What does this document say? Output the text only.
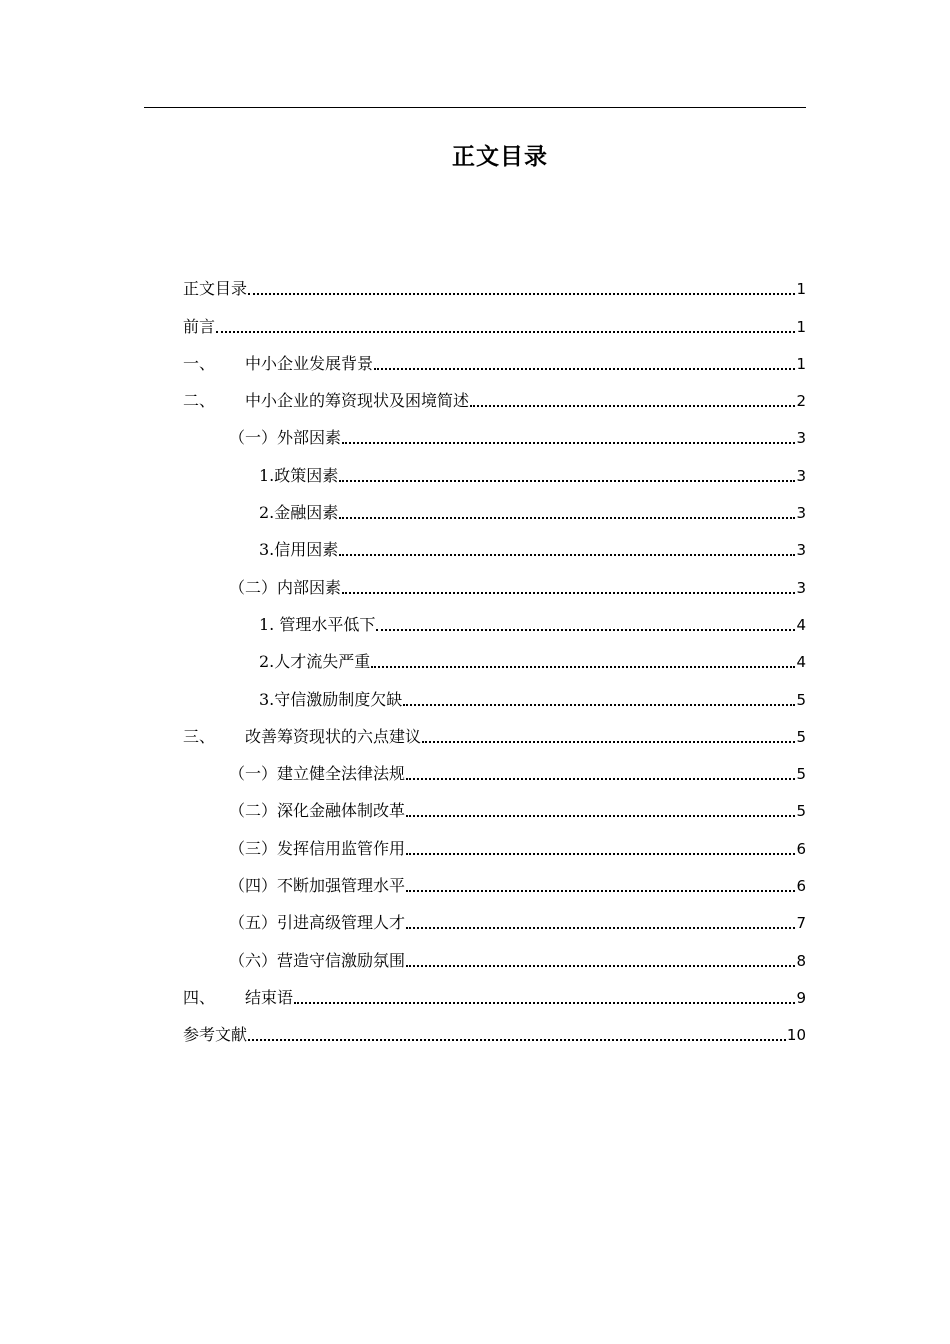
正文目录
正文目录	1
前言	1
一、	中小企业发展背景	1
二、	中小企业的筹资现状及困境简述	2
（一）外部因素	3
1.政策因素	3
2.金融因素	3
3.信用因素	3
（二）内部因素	3
1. 管理水平低下	4
2.人才流失严重	4
3.守信激励制度欠缺	5
三、	改善筹资现状的六点建议	5
（一）建立健全法律法规	5
（二）深化金融体制改革	5
（三）发挥信用监管作用	6
（四）不断加强管理水平	6
（五）引进高级管理人才	7
（六）营造守信激励氛围	8
四、	结束语	9
参考文献	10
